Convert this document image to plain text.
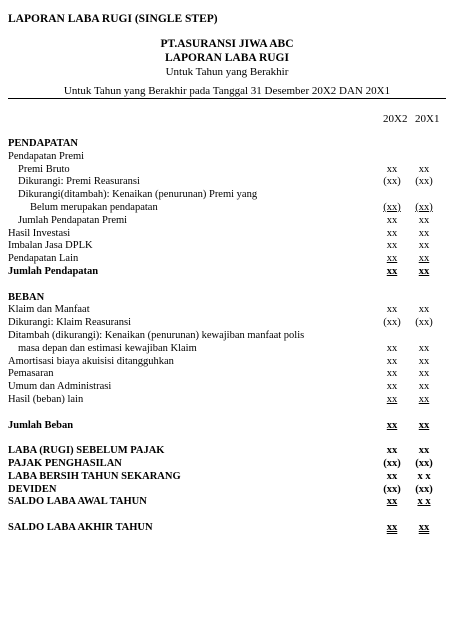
LAPORAN LABA RUGI (SINGLE STEP)
PT.ASURANSI JIWA ABC
LAPORAN LABA RUGI
Untuk Tahun yang Berakhir
Untuk Tahun yang Berakhir pada Tanggal 31 Desember 20X2 DAN 20X1
20X2 20X1
PENDAPATAN
Pendapatan Premi
Premi Bruto	xx	xx
Dikurangi: Premi Reasuransi	(xx)	(xx)
Dikurangi(ditambah): Kenaikan (penurunan) Premi yang
Belum merupakan pendapatan	(xx)	(xx)
Jumlah Pendapatan Premi	xx	xx
Hasil Investasi	xx	xx
Imbalan Jasa DPLK	xx	xx
Pendapatan Lain	xx	xx
Jumlah Pendapatan	xx	xx
BEBAN
Klaim dan Manfaat	xx	xx
Dikurangi: Klaim Reasuransi	(xx)	(xx)
Ditambah (dikurangi): Kenaikan (penurunan) kewajiban manfaat polis
masa depan dan estimasi kewajiban Klaim	xx	xx
Amortisasi biaya akuisisi ditangguhkan	xx	xx
Pemasaran	xx	xx
Umum dan Administrasi	xx	xx
Hasil (beban) lain	xx	xx
Jumlah Beban	xx	xx
LABA (RUGI) SEBELUM PAJAK	xx	xx
PAJAK PENGHASILAN	(xx)	(xx)
LABA BERSIH TAHUN SEKARANG	xx	x x
DEVIDEN	(xx)	(xx)
SALDO LABA AWAL TAHUN	xx	x x
SALDO LABA AKHIR TAHUN	xx	xx
